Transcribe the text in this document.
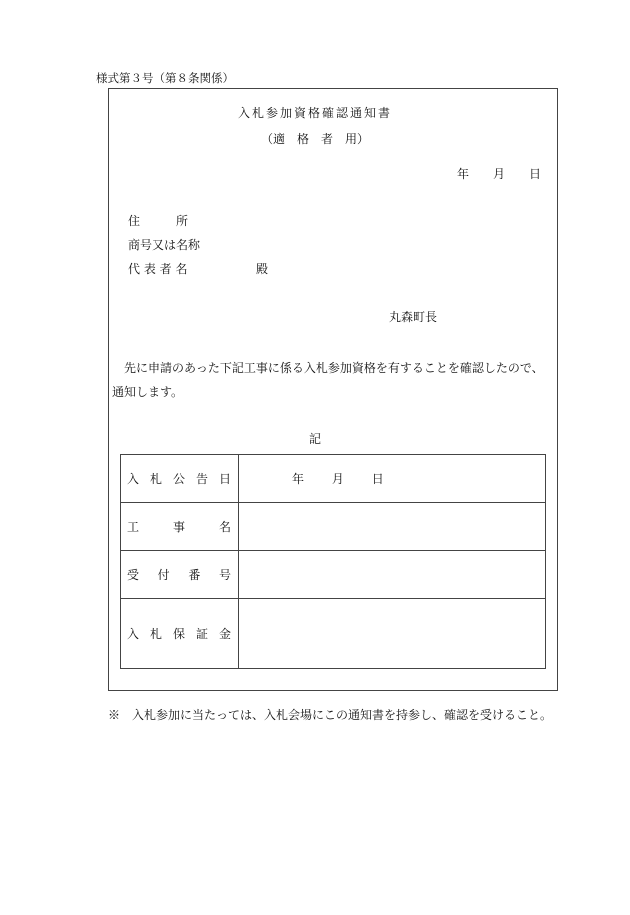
様式第３号（第８条関係）
入札参加資格確認通知書
（適　格　者　用）
年 月 日
住　　　所
商号又は名称
代 表 者 名	殿
丸森町長
先に申請のあった下記工事に係る入札参加資格を有することを確認したので、通知します。
記
入 札 公 告 日	年 月 日

工 事 名	

受 付 番 号	

入 札 保 証 金	

※　入札参加に当たっては、入札会場にこの通知書を持参し、確認を受けること。
